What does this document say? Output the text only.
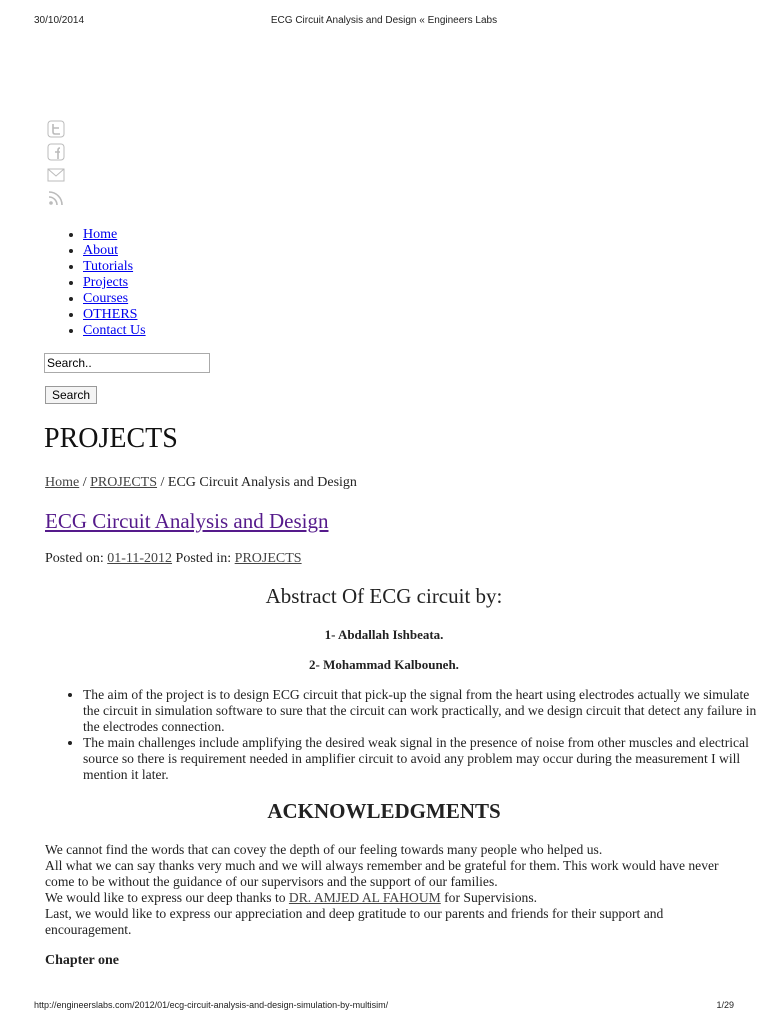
30/10/2014	ECG Circuit Analysis and Design « Engineers Labs
• Home
• About
• Tutorials
• Projects
• Courses
• OTHERS
• Contact Us
Search..
Search
PROJECTS
Home / PROJECTS / ECG Circuit Analysis and Design
ECG Circuit Analysis and Design
Posted on: 01-11-2012 Posted in: PROJECTS
Abstract Of ECG circuit by:
1- Abdallah Ishbeata.
2- Mohammad Kalbouneh.
• The aim of the project is to design ECG circuit that pick-up the signal from the heart using electrodes actually we simulate the circuit in simulation software to sure that the circuit can work practically, and we design circuit that detect any failure in the electrodes connection.
• The main challenges include amplifying the desired weak signal in the presence of noise from other muscles and electrical source so there is requirement needed in amplifier circuit to avoid any problem may occur during the measurement I will mention it later.
ACKNOWLEDGMENTS
We cannot find the words that can covey the depth of our feeling towards many people who helped us.
All what we can say thanks very much and we will always remember and be grateful for them. This work would have never come to be without the guidance of our supervisors and the support of our families.
We would like to express our deep thanks to DR. AMJED AL FAHOUM for Supervisions.
Last, we would like to express our appreciation and deep gratitude to our parents and friends for their support and encouragement.
Chapter one
http://engineerslabs.com/2012/01/ecg-circuit-analysis-and-design-simulation-by-multisim/	1/29
